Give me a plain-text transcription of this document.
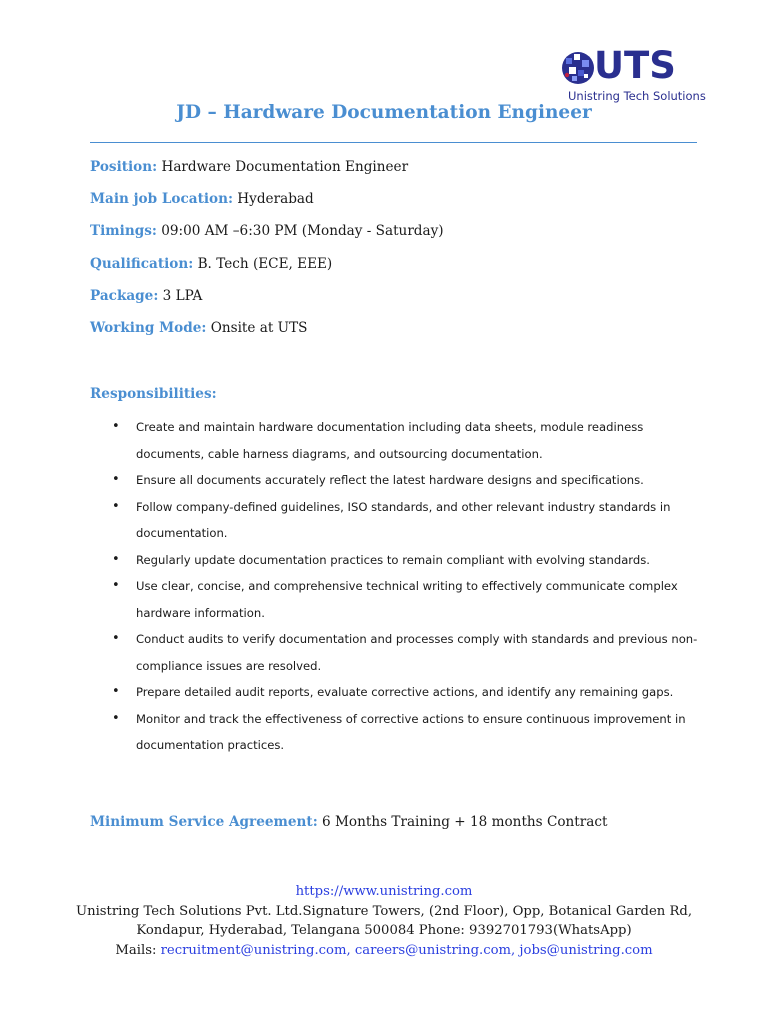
UTS
Unistring Tech Solutions
JD – Hardware Documentation Engineer
Position: Hardware Documentation Engineer
Main job Location: Hyderabad
Timings: 09:00 AM –6:30 PM (Monday - Saturday)
Qualification: B. Tech (ECE, EEE)
Package: 3 LPA
Working Mode: Onsite at UTS
Responsibilities:
• Create and maintain hardware documentation including data sheets, module readiness documents, cable harness diagrams, and outsourcing documentation.
• Ensure all documents accurately reflect the latest hardware designs and specifications.
• Follow company-defined guidelines, ISO standards, and other relevant industry standards in documentation.
• Regularly update documentation practices to remain compliant with evolving standards.
• Use clear, concise, and comprehensive technical writing to effectively communicate complex hardware information.
• Conduct audits to verify documentation and processes comply with standards and previous non-compliance issues are resolved.
• Prepare detailed audit reports, evaluate corrective actions, and identify any remaining gaps.
• Monitor and track the effectiveness of corrective actions to ensure continuous improvement in documentation practices.
Minimum Service Agreement: 6 Months Training + 18 months Contract
https://www.unistring.com
Unistring Tech Solutions Pvt. Ltd.Signature Towers, (2nd Floor), Opp, Botanical Garden Rd,
Kondapur, Hyderabad, Telangana 500084 Phone: 9392701793(WhatsApp)
Mails: recruitment@unistring.com, careers@unistring.com, jobs@unistring.com
